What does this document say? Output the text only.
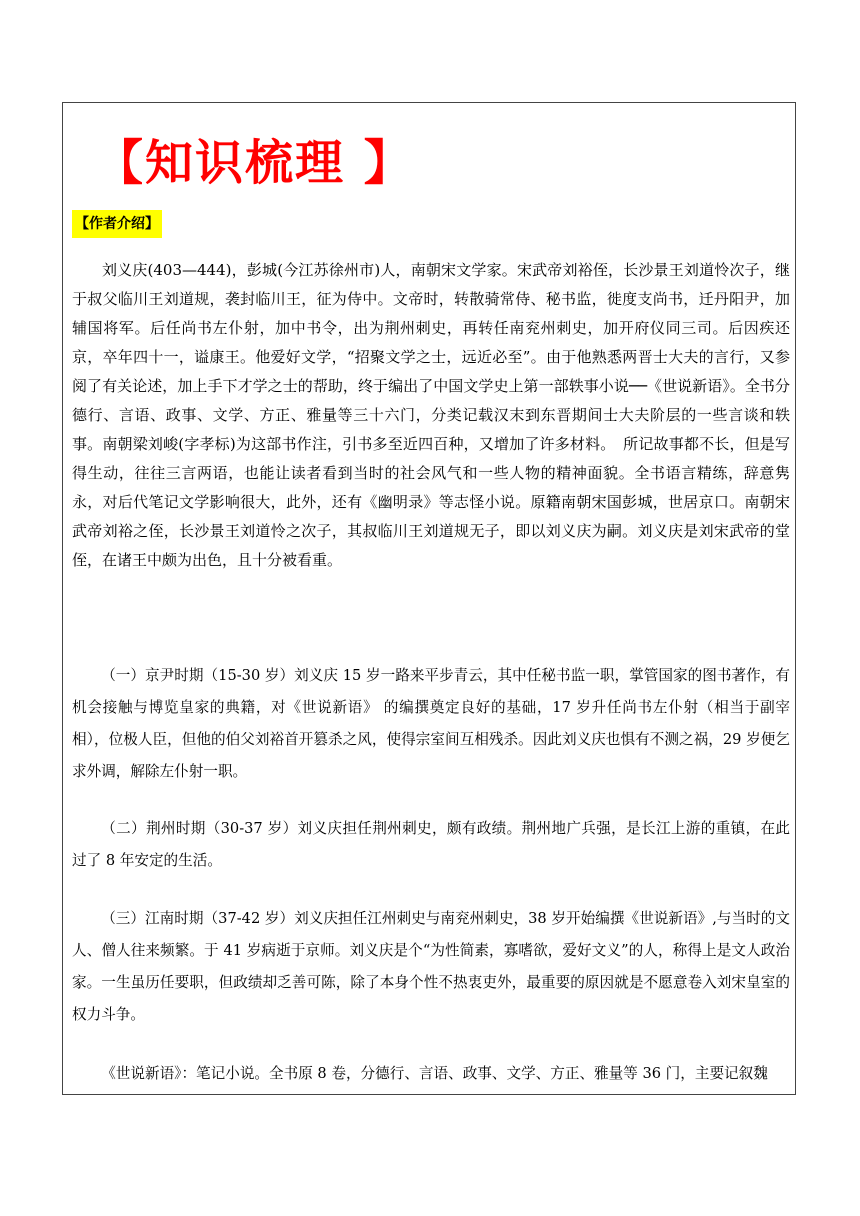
【知识梳理 】
【作者介绍】

刘义庆(403—444)，彭城(今江苏徐州市)人，南朝宋文学家。宋武帝刘裕侄，长沙景王刘道怜次子，继于叔父临川王刘道规，袭封临川王，征为侍中。文帝时，转散骑常侍、秘书监，徙度支尚书，迁丹阳尹，加辅国将军。后任尚书左仆射，加中书令，出为荆州刺史，再转任南兖州刺史，加开府仪同三司。后因疾还京，卒年四十一，谥康王。他爱好文学，“招聚文学之士，远近必至”。由于他熟悉两晋士大夫的言行，又参阅了有关论述，加上手下才学之士的帮助，终于编出了中国文学史上第一部轶事小说──《世说新语》。全书分德行、言语、政事、文学、方正、雅量等三十六门，分类记载汉末到东晋期间士大夫阶层的一些言谈和轶事。南朝梁刘峻(字孝标)为这部书作注，引书多至近四百种，又增加了许多材料。　所记故事都不长，但是写得生动，往往三言两语，也能让读者看到当时的社会风气和一些人物的精神面貌。全书语言精练，辞意隽永，对后代笔记文学影响很大，此外，还有《幽明录》等志怪小说。原籍南朝宋国彭城，世居京口。南朝宋武帝刘裕之侄，长沙景王刘道怜之次子，其叔临川王刘道规无子，即以刘义庆为嗣。刘义庆是刘宋武帝的堂侄，在诸王中颇为出色，且十分被看重。

（一）京尹时期（15-30 岁）刘义庆 15 岁一路来平步青云，其中任秘书监一职，掌管国家的图书著作，有机会接触与博览皇家的典籍，对《世说新语》 的编撰奠定良好的基础，17 岁升任尚书左仆射（相当于副宰相），位极人臣，但他的伯父刘裕首开篡杀之风，使得宗室间互相残杀。因此刘义庆也惧有不测之祸，29 岁便乞求外调，解除左仆射一职。

（二）荆州时期（30-37 岁）刘义庆担任荆州刺史，颇有政绩。荆州地广兵强，是长江上游的重镇，在此过了 8 年安定的生活。

（三）江南时期（37-42 岁）刘义庆担任江州刺史与南兖州刺史，38 岁开始编撰《世说新语》,与当时的文人、僧人往来频繁。于 41 岁病逝于京师。刘义庆是个“为性简素，寡嗜欲，爱好文义”的人，称得上是文人政治家。一生虽历任要职，但政绩却乏善可陈，除了本身个性不热衷吏外，最重要的原因就是不愿意卷入刘宋皇室的权力斗争。

《世说新语》：笔记小说。全书原 8 卷，分德行、言语、政事、文学、方正、雅量等 36 门，主要记叙魏
